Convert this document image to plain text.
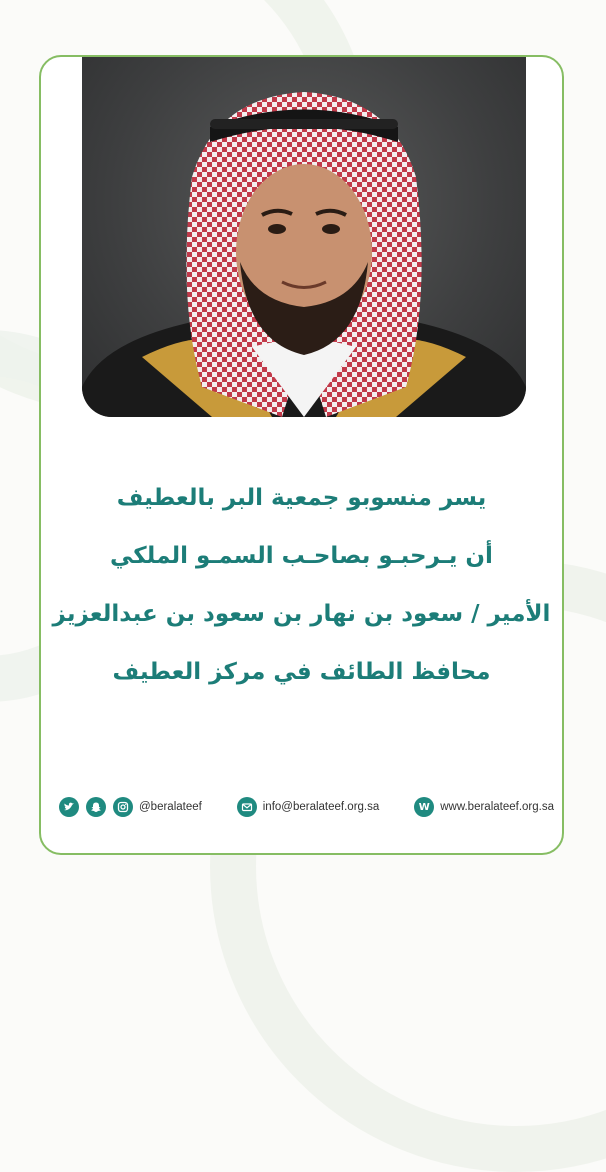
يسر منسوبو جمعية البر بالعطيف
أن يـرحبـو بصاحـب السمـو الملكي
الأمير / سعود بن نهار بن سعود بن عبدالعزيز
محافظ الطائف في مركز العطيف
@beralateef	info@beralateef.org.sa	W www.beralateef.org.sa
